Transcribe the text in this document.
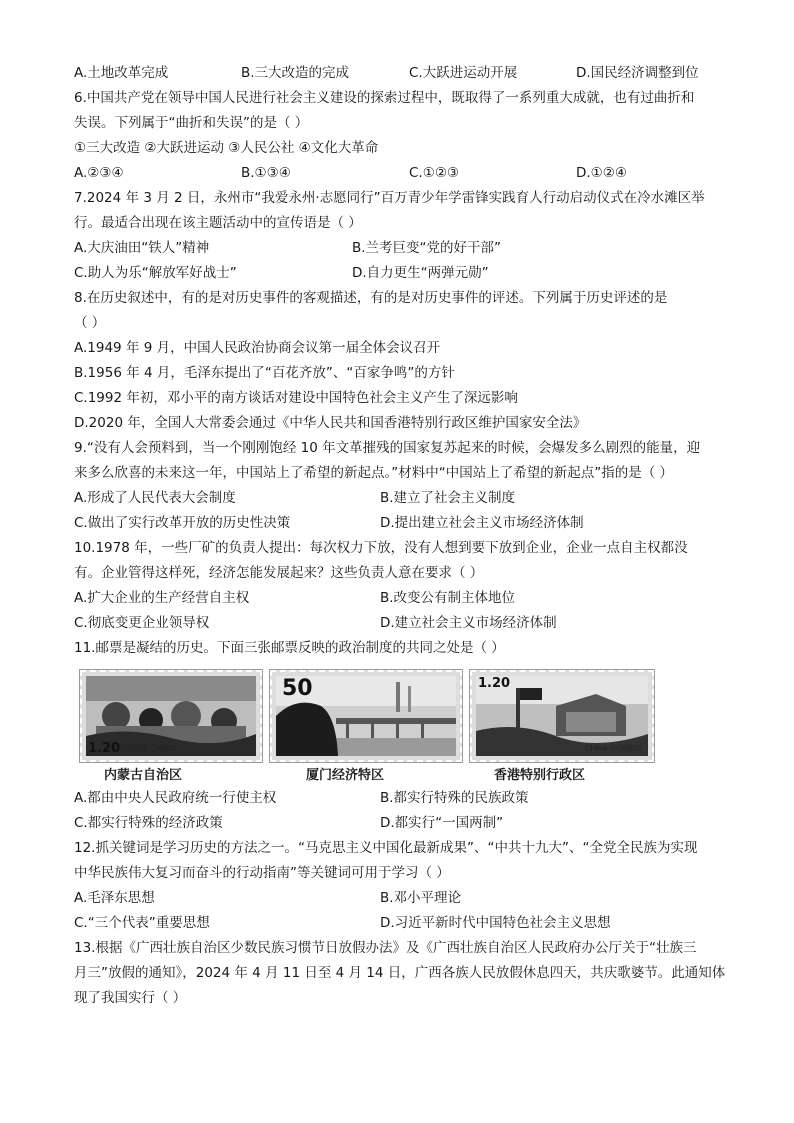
A.土地改革完成	B.三大改造的完成	C.大跃进运动开展	D.国民经济调整到位
6.中国共产党在领导中国人民进行社会主义建设的探索过程中，既取得了一系列重大成就，也有过曲折和
失误。下列属于“曲折和失误”的是（ ）
①三大改造 ②大跃进运动 ③人民公社 ④文化大革命
A.②③④	B.①③④	C.①②③	D.①②④
7.2024 年 3 月 2 日，永州市“我爱永州·志愿同行”百万青少年学雷锋实践育人行动启动仪式在冷水滩区举
行。最适合出现在该主题活动中的宣传语是（ ）
A.大庆油田“铁人”精神	B.兰考巨变“党的好干部”
C.助人为乐“解放军好战士”	D.自力更生“两弹元勋”
8.在历史叙述中，有的是对历史事件的客观描述，有的是对历史事件的评述。下列属于历史评述的是
（ ）
A.1949 年 9 月，中国人民政治协商会议第一届全体会议召开
B.1956 年 4 月，毛泽东提出了“百花齐放”、“百家争鸣”的方针
C.1992 年初，邓小平的南方谈话对建设中国特色社会主义产生了深远影响
D.2020 年，全国人大常委会通过《中华人民共和国香港特别行政区维护国家安全法》
9.“没有人会预料到，当一个刚刚饱经 10 年文革摧残的国家复苏起来的时候，会爆发多么剧烈的能量，迎
来多么欣喜的未来这一年，中国站上了希望的新起点。”材料中“中国站上了希望的新起点”指的是（ ）
A.形成了人民代表大会制度	B.建立了社会主义制度
C.做出了实行改革开放的历史性决策	D.提出建立社会主义市场经济体制
10.1978 年，一些厂矿的负责人提出：每次权力下放，没有人想到要下放到企业，企业一点自主权都没
有。企业管得这样死，经济怎能发展起来？这些负责人意在要求（ ）
A.扩大企业的生产经营自主权	B.改变公有制主体地位
C.彻底变更企业领导权	D.建立社会主义市场经济体制
11.邮票是凝结的历史。下面三张邮票反映的政治制度的共同之处是（ ）
1.20
中国邮政 CHINA
50	1.20
China 中国邮政
内蒙古自治区	厦门经济特区	香港特别行政区
A.都由中央人民政府统一行使主权	B.都实行特殊的民族政策
C.都实行特殊的经济政策	D.都实行“一国两制”
12.抓关键词是学习历史的方法之一。“马克思主义中国化最新成果”、“中共十九大”、“全党全民族为实现
中华民族伟大复习而奋斗的行动指南”等关键词可用于学习（ ）
A.毛泽东思想	B.邓小平理论
C.“三个代表”重要思想	D.习近平新时代中国特色社会主义思想
13.根据《广西壮族自治区少数民族习惯节日放假办法》及《广西壮族自治区人民政府办公厅关于“壮族三
月三”放假的通知》，2024 年 4 月 11 日至 4 月 14 日，广西各族人民放假休息四天，共庆歌婆节。此通知体
现了我国实行（ ）
